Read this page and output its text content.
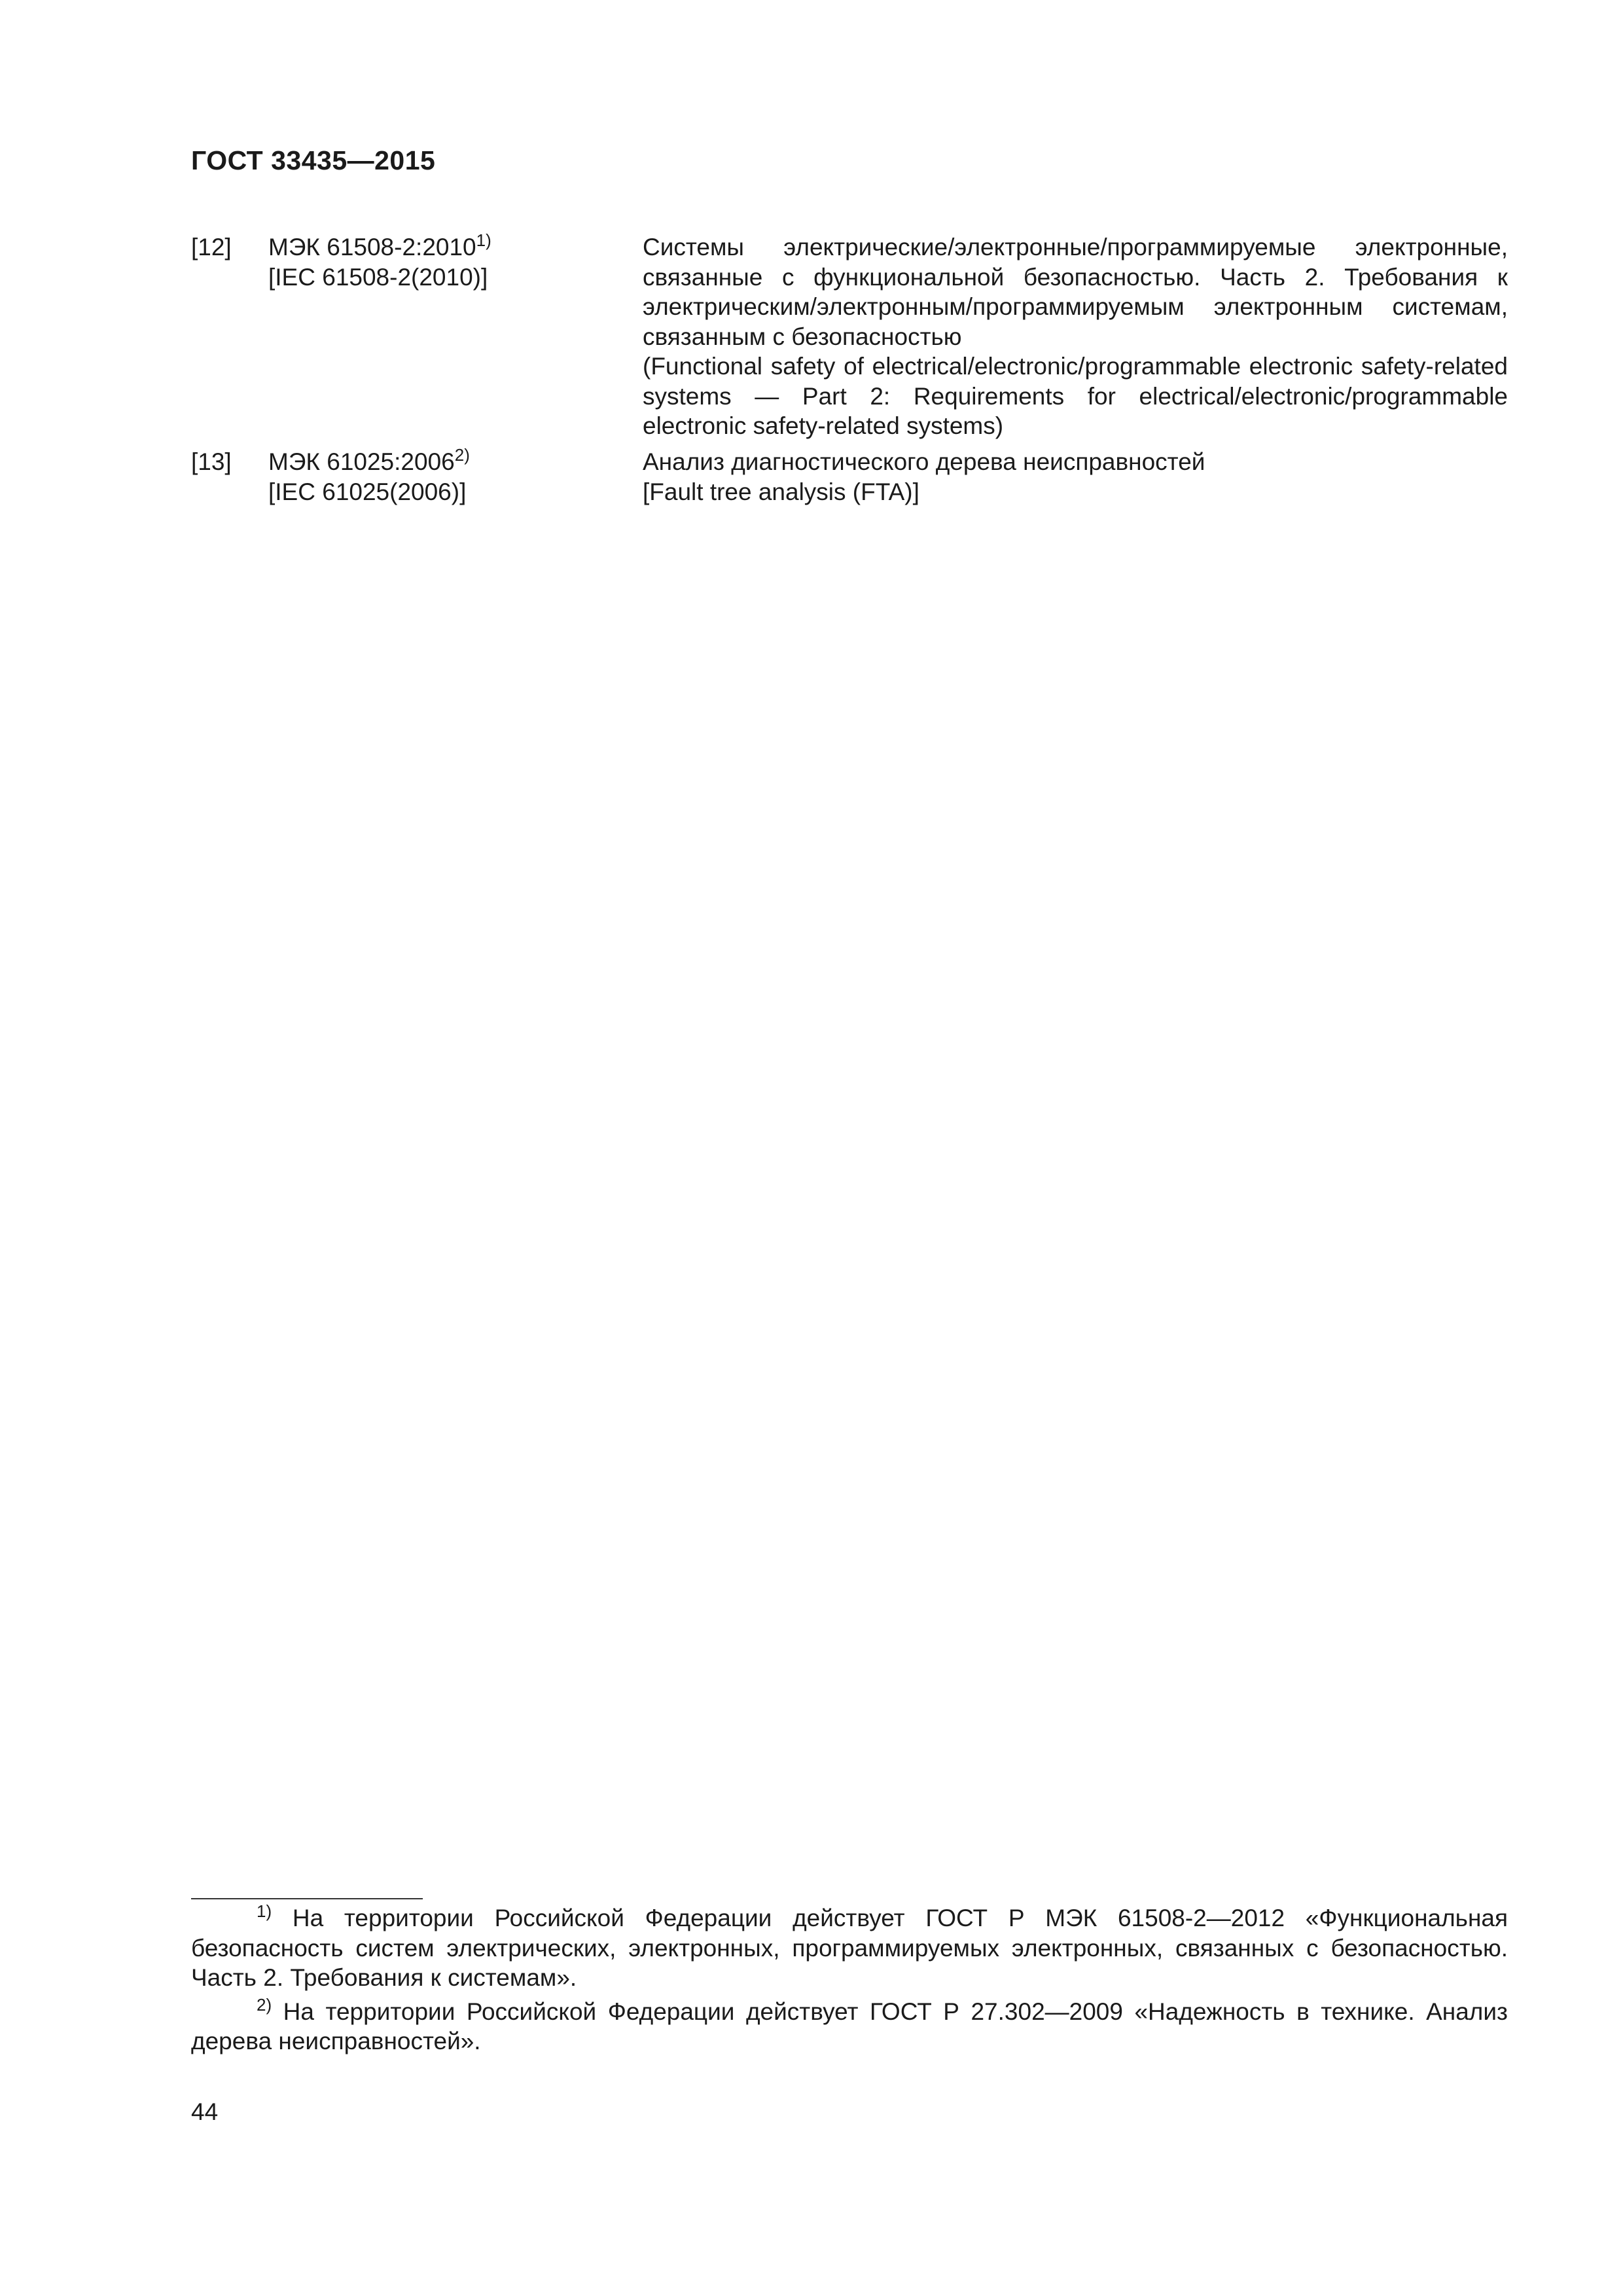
ГОСТ 33435—2015
[12] МЭК 61508-2:2010$^{1)}$
[IEC 61508-2(2010)]
Системы электрические/электронные/программируемые электронные, связанные с функциональной безопасностью. Часть 2. Требования к электрическим/электронным/программируемым электронным системам, связанным с безопасностью
(Functional safety of electrical/electronic/programmable electronic safety-related systems — Part 2: Requirements for electrical/electronic/programmable electronic safety-related systems)
[13] МЭК 61025:2006$^{2)}$
[IEC 61025(2006)]
Анализ диагностического дерева неисправностей
[Fault tree analysis (FTA)]
$^{1)}$ На территории Российской Федерации действует ГОСТ Р МЭК 61508-2—2012 «Функциональная безопасность систем электрических, электронных, программируемых электронных, связанных с безопасностью. Часть 2. Требования к системам».
$^{2)}$ На территории Российской Федерации действует ГОСТ Р 27.302—2009 «Надежность в технике. Анализ дерева неисправностей».
44
